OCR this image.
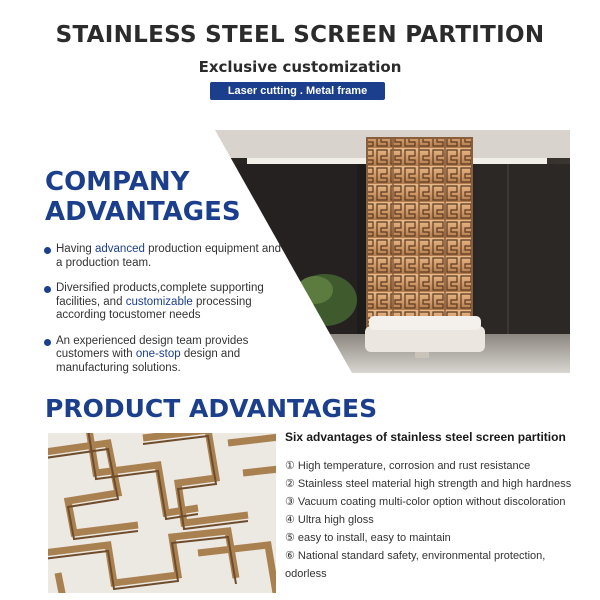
STAINLESS STEEL SCREEN PARTITION
Exclusive customization
Laser cutting . Metal frame
COMPANY
ADVANTAGES
Having advanced production equipment and a production team.
Diversified products,complete supporting facilities, and customizable processing according tocustomer needs
An experienced design team provides customers with one-stop design and manufacturing solutions.
PRODUCT ADVANTAGES
Six advantages of stainless steel screen partition
① High temperature, corrosion and rust resistance
② Stainless steel material high strength and high hardness
③ Vacuum coating multi-color option without discoloration
④ Ultra high gloss
⑤ easy to install, easy to maintain
⑥ National standard safety, environmental protection, odorless
